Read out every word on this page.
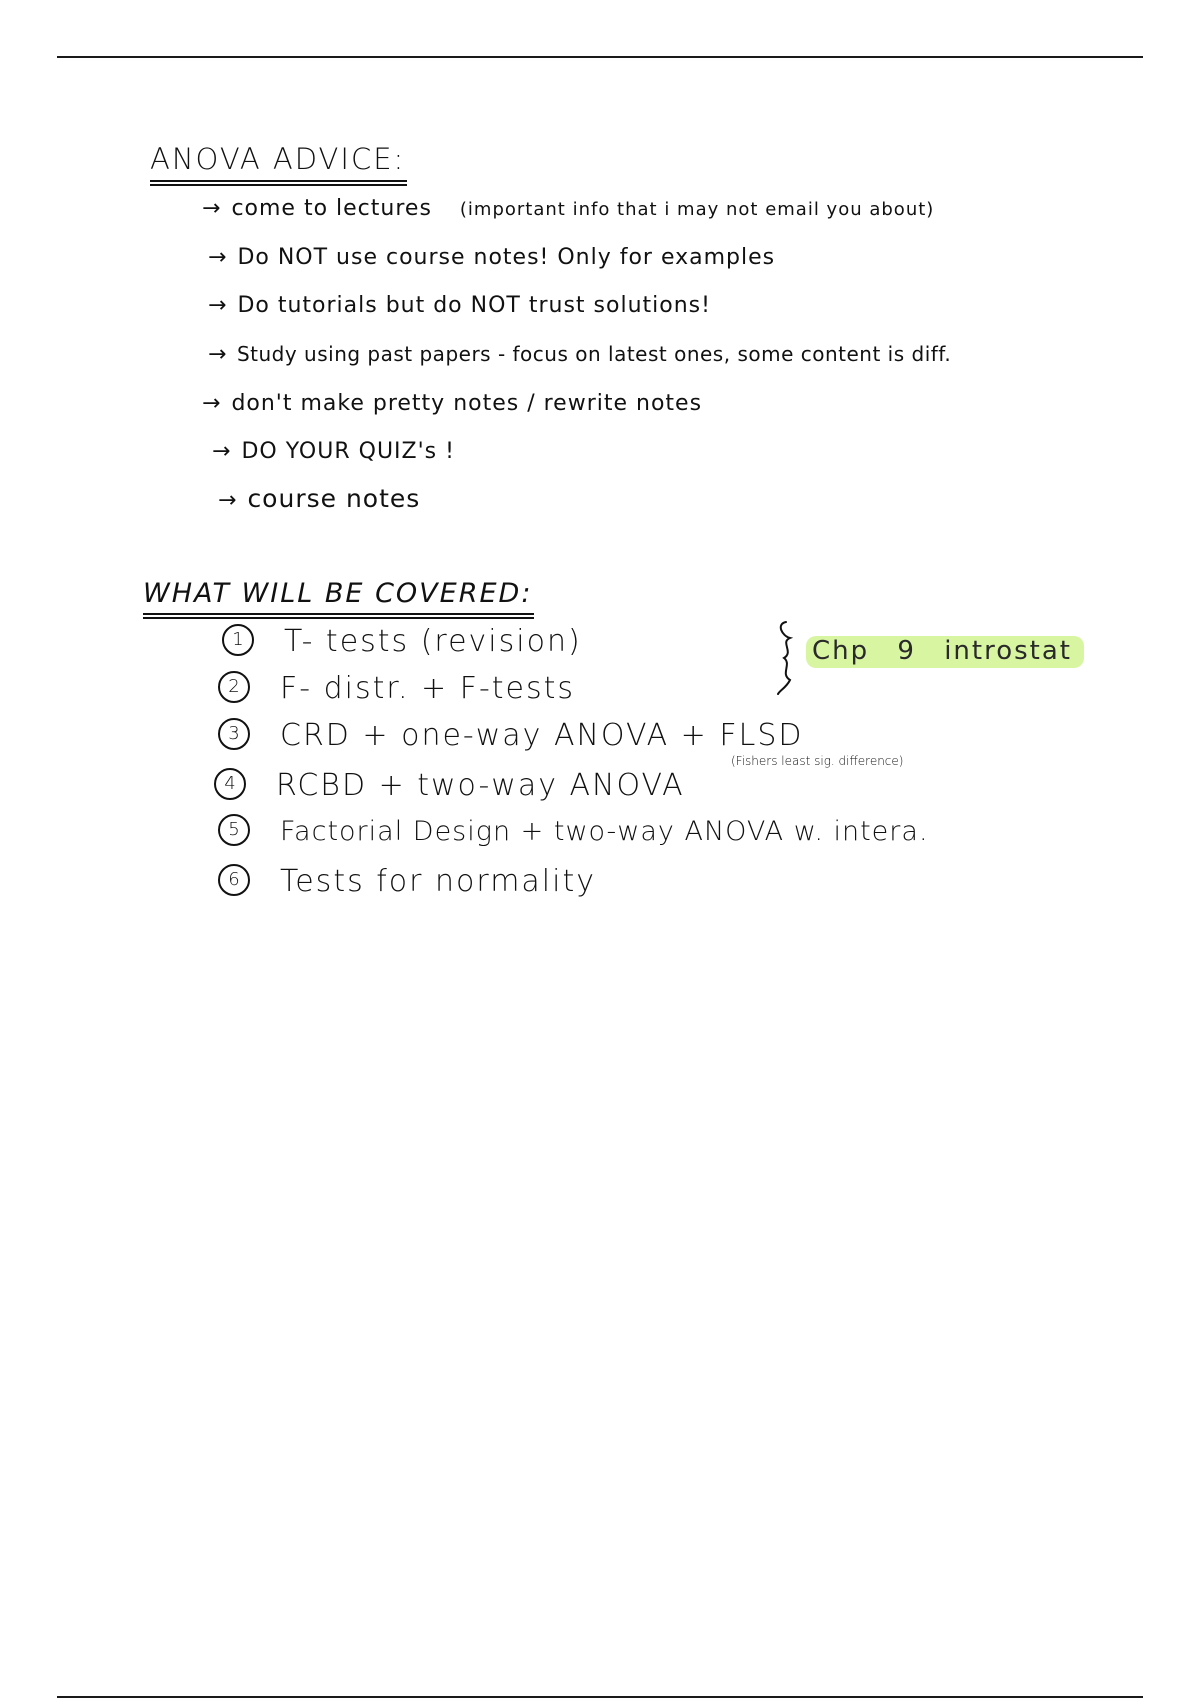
ANOVA ADVICE:
→ come to lectures (important info that i may not email you about)
→ Do NOT use course notes! Only for examples
→ Do tutorials but do NOT trust solutions!
→ Study using past papers - focus on latest ones, some content is diff.
→ don't make pretty notes / rewrite notes
→ DO YOUR QUIZ's !
→ course notes
WHAT WILL BE COVERED:
1 T- tests (revision)
2 F- distr. + F-tests
3 CRD + one-way ANOVA + FLSD
(Fishers least sig. difference)
4 RCBD + two-way ANOVA
5 Factorial Design + two-way ANOVA w. intera.
6 Tests for normality
Chp 9 introstat
